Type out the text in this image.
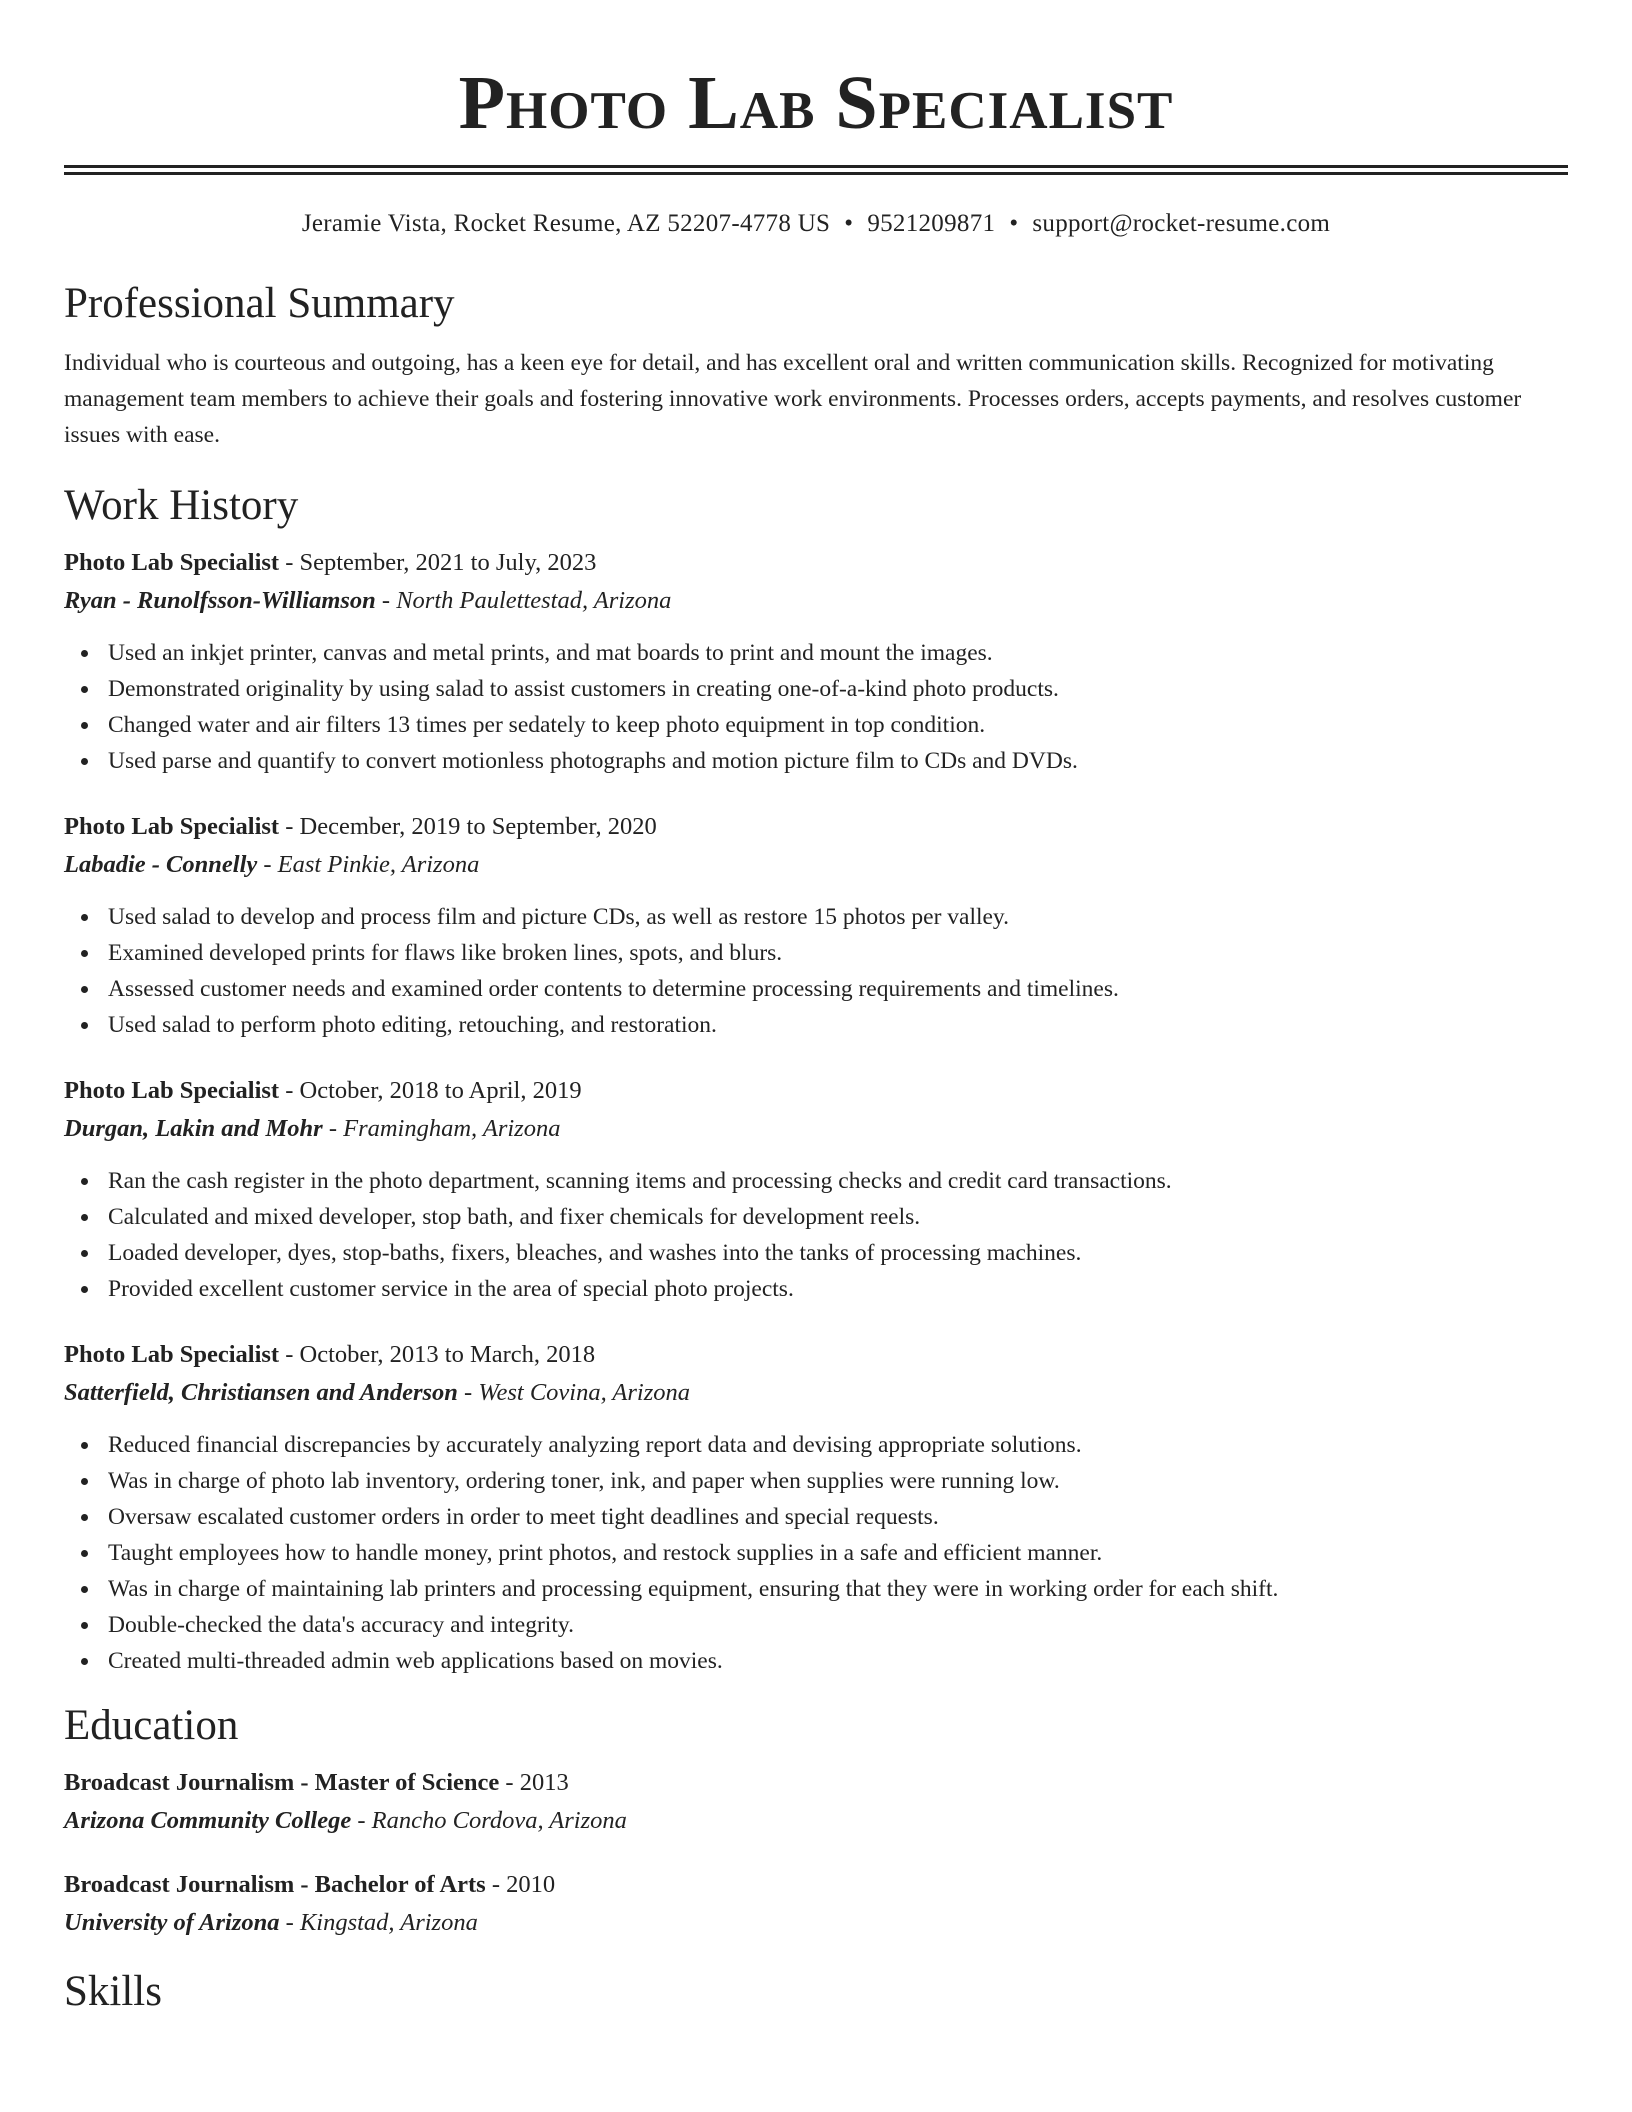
Photo Lab Specialist
Jeramie Vista, Rocket Resume, AZ 52207-4778 US • 9521209871 • support@rocket-resume.com
Professional Summary
Individual who is courteous and outgoing, has a keen eye for detail, and has excellent oral and written communication skills. Recognized for motivating management team members to achieve their goals and fostering innovative work environments. Processes orders, accepts payments, and resolves customer issues with ease.
Work History
Photo Lab Specialist - September, 2021 to July, 2023
Ryan - Runolfsson-Williamson - North Paulettestad, Arizona
Used an inkjet printer, canvas and metal prints, and mat boards to print and mount the images.
Demonstrated originality by using salad to assist customers in creating one-of-a-kind photo products.
Changed water and air filters 13 times per sedately to keep photo equipment in top condition.
Used parse and quantify to convert motionless photographs and motion picture film to CDs and DVDs.
Photo Lab Specialist - December, 2019 to September, 2020
Labadie - Connelly - East Pinkie, Arizona
Used salad to develop and process film and picture CDs, as well as restore 15 photos per valley.
Examined developed prints for flaws like broken lines, spots, and blurs.
Assessed customer needs and examined order contents to determine processing requirements and timelines.
Used salad to perform photo editing, retouching, and restoration.
Photo Lab Specialist - October, 2018 to April, 2019
Durgan, Lakin and Mohr - Framingham, Arizona
Ran the cash register in the photo department, scanning items and processing checks and credit card transactions.
Calculated and mixed developer, stop bath, and fixer chemicals for development reels.
Loaded developer, dyes, stop-baths, fixers, bleaches, and washes into the tanks of processing machines.
Provided excellent customer service in the area of special photo projects.
Photo Lab Specialist - October, 2013 to March, 2018
Satterfield, Christiansen and Anderson - West Covina, Arizona
Reduced financial discrepancies by accurately analyzing report data and devising appropriate solutions.
Was in charge of photo lab inventory, ordering toner, ink, and paper when supplies were running low.
Oversaw escalated customer orders in order to meet tight deadlines and special requests.
Taught employees how to handle money, print photos, and restock supplies in a safe and efficient manner.
Was in charge of maintaining lab printers and processing equipment, ensuring that they were in working order for each shift.
Double-checked the data's accuracy and integrity.
Created multi-threaded admin web applications based on movies.
Education
Broadcast Journalism - Master of Science - 2013
Arizona Community College - Rancho Cordova, Arizona
Broadcast Journalism - Bachelor of Arts - 2010
University of Arizona - Kingstad, Arizona
Skills
